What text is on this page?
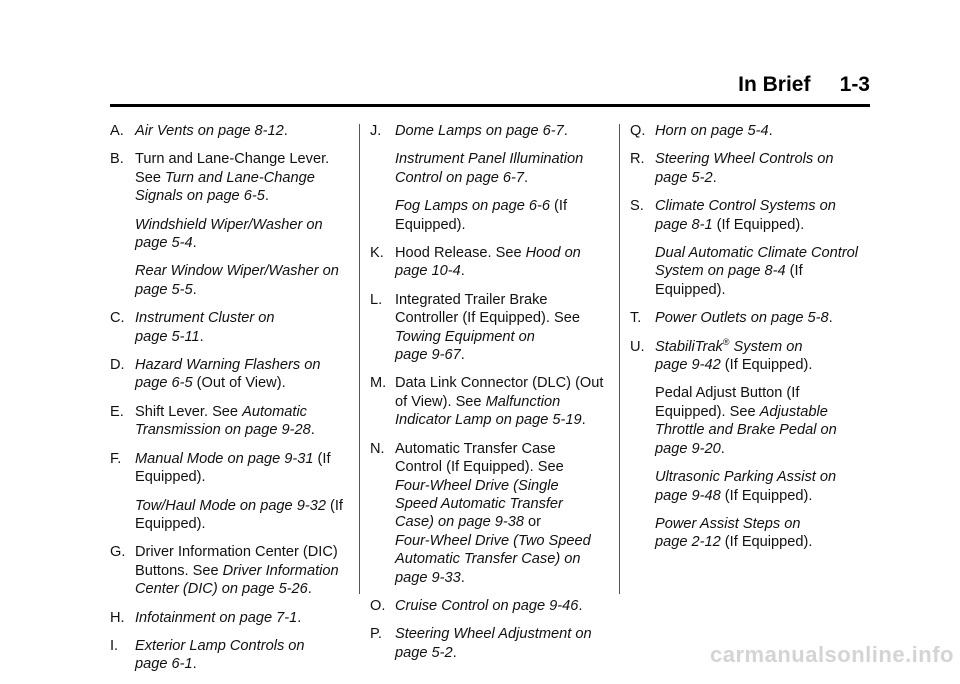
In Brief     1-3
A. Air Vents on page 8-12.
B. Turn and Lane-Change Lever.
See Turn and Lane-Change
Signals on page 6-5.
Windshield Wiper/Washer on
page 5-4.
Rear Window Wiper/Washer on
page 5-5.
C. Instrument Cluster on
page 5-11.
D. Hazard Warning Flashers on
page 6-5 (Out of View).
E. Shift Lever. See Automatic
Transmission on page 9-28.
F. Manual Mode on page 9-31 (If
Equipped).
Tow/Haul Mode on page 9-32 (If
Equipped).
G. Driver Information Center (DIC)
Buttons. See Driver Information
Center (DIC) on page 5-26.
H. Infotainment on page 7-1.
I. Exterior Lamp Controls on
page 6-1.
J. Dome Lamps on page 6-7.
Instrument Panel Illumination
Control on page 6-7.
Fog Lamps on page 6-6 (If
Equipped).
K. Hood Release. See Hood on
page 10-4.
L. Integrated Trailer Brake
Controller (If Equipped). See
Towing Equipment on
page 9-67.
M. Data Link Connector (DLC) (Out
of View). See Malfunction
Indicator Lamp on page 5-19.
N. Automatic Transfer Case
Control (If Equipped). See
Four-Wheel Drive (Single
Speed Automatic Transfer
Case) on page 9-38 or
Four-Wheel Drive (Two Speed
Automatic Transfer Case) on
page 9-33.
O. Cruise Control on page 9-46.
P. Steering Wheel Adjustment on
page 5-2.
Q. Horn on page 5-4.
R. Steering Wheel Controls on
page 5-2.
S. Climate Control Systems on
page 8-1 (If Equipped).
Dual Automatic Climate Control
System on page 8-4 (If
Equipped).
T. Power Outlets on page 5-8.
U. StabiliTrak® System on
page 9-42 (If Equipped).
Pedal Adjust Button (If
Equipped). See Adjustable
Throttle and Brake Pedal on
page 9-20.
Ultrasonic Parking Assist on
page 9-48 (If Equipped).
Power Assist Steps on
page 2-12 (If Equipped).
carmanualsonline.info
